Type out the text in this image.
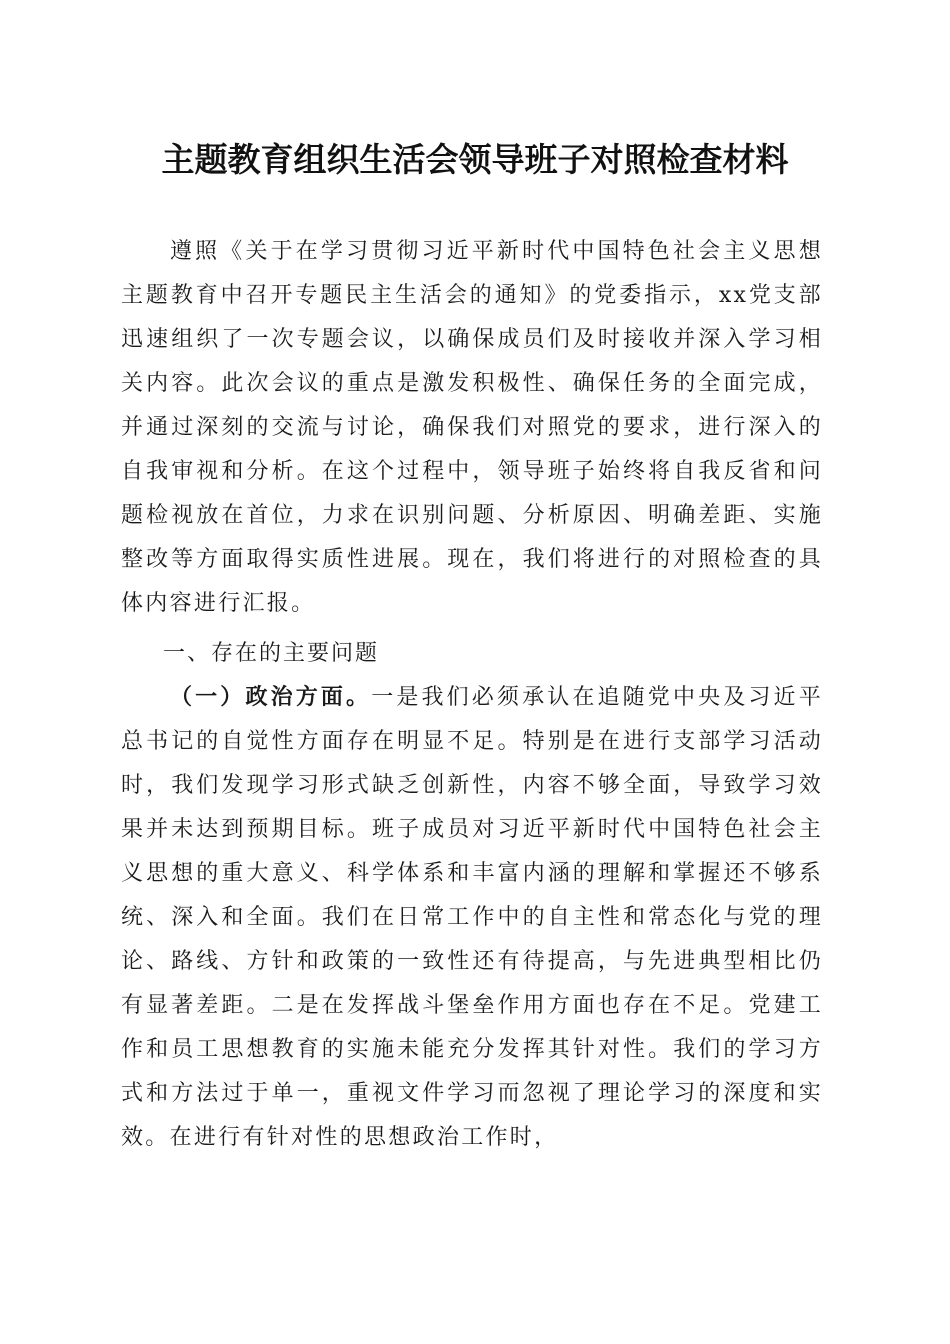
主题教育组织生活会领导班子对照检查材料
遵照《关于在学习贯彻习近平新时代中国特色社会主义思想主题教育中召开专题民主生活会的通知》的党委指示，xx党支部迅速组织了一次专题会议，以确保成员们及时接收并深入学习相关内容。此次会议的重点是激发积极性、确保任务的全面完成，并通过深刻的交流与讨论，确保我们对照党的要求，进行深入的自我审视和分析。在这个过程中，领导班子始终将自我反省和问题检视放在首位，力求在识别问题、分析原因、明确差距、实施整改等方面取得实质性进展。现在，我们将进行的对照检查的具体内容进行汇报。
一、存在的主要问题
（一）政治方面。一是我们必须承认在追随党中央及习近平总书记的自觉性方面存在明显不足。特别是在进行支部学习活动时，我们发现学习形式缺乏创新性，内容不够全面，导致学习效果并未达到预期目标。班子成员对习近平新时代中国特色社会主义思想的重大意义、科学体系和丰富内涵的理解和掌握还不够系统、深入和全面。我们在日常工作中的自主性和常态化与党的理论、路线、方针和政策的一致性还有待提高，与先进典型相比仍有显著差距。二是在发挥战斗堡垒作用方面也存在不足。党建工作和员工思想教育的实施未能充分发挥其针对性。我们的学习方式和方法过于单一，重视文件学习而忽视了理论学习的深度和实效。在进行有针对性的思想政治工作时，
